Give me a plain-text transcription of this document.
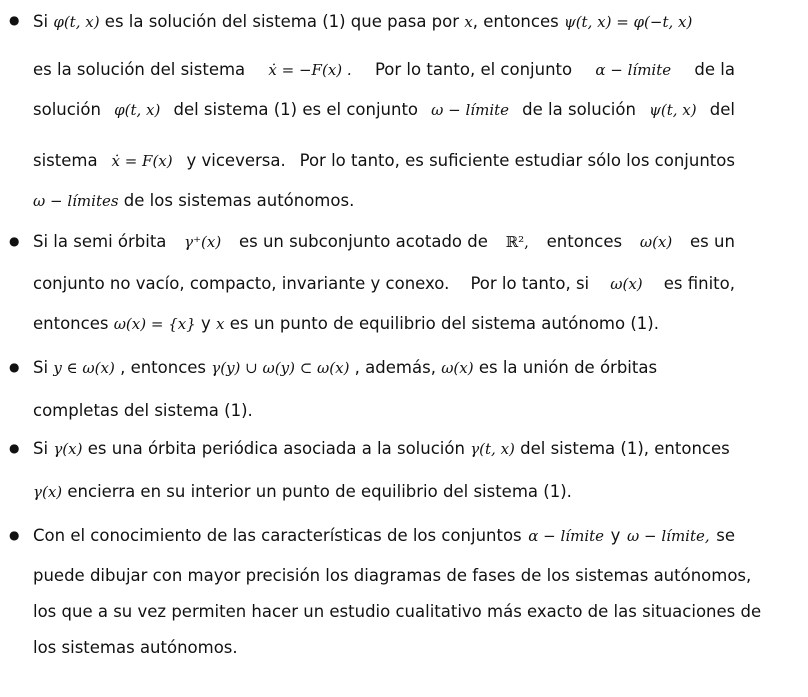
●
●
●
●
●
Si φ(t, x) es la solución del sistema (1) que pasa por x, entonces ψ(t, x) = φ(−t, x)
es la solución del sistema ẋ = −F(x) . Por lo tanto, el conjunto α − límite de la
solución φ(t, x) del sistema (1) es el conjunto ω − límite de la solución ψ(t, x) del
sistema ẋ = F(x) y viceversa. Por lo tanto, es suficiente estudiar sólo los conjuntos
ω − límites de los sistemas autónomos.
Si la semi órbita γ⁺(x) es un subconjunto acotado de ℝ², entonces ω(x) es un
conjunto no vacío, compacto, invariante y conexo. Por lo tanto, si ω(x) es finito,
entonces ω(x) = {x} y x es un punto de equilibrio del sistema autónomo (1).
Si y ∈ ω(x) , entonces γ(y) ∪ ω(y) ⊂ ω(x) , además, ω(x) es la unión de órbitas
completas del sistema (1).
Si γ(x) es una órbita periódica asociada a la solución γ(t, x) del sistema (1), entonces
γ(x) encierra en su interior un punto de equilibrio del sistema (1).
Con el conocimiento de las características de los conjuntos α − límite y ω − límite, se
puede dibujar con mayor precisión los diagramas de fases de los sistemas autónomos,
los que a su vez permiten hacer un estudio cualitativo más exacto de las situaciones de
los sistemas autónomos.
